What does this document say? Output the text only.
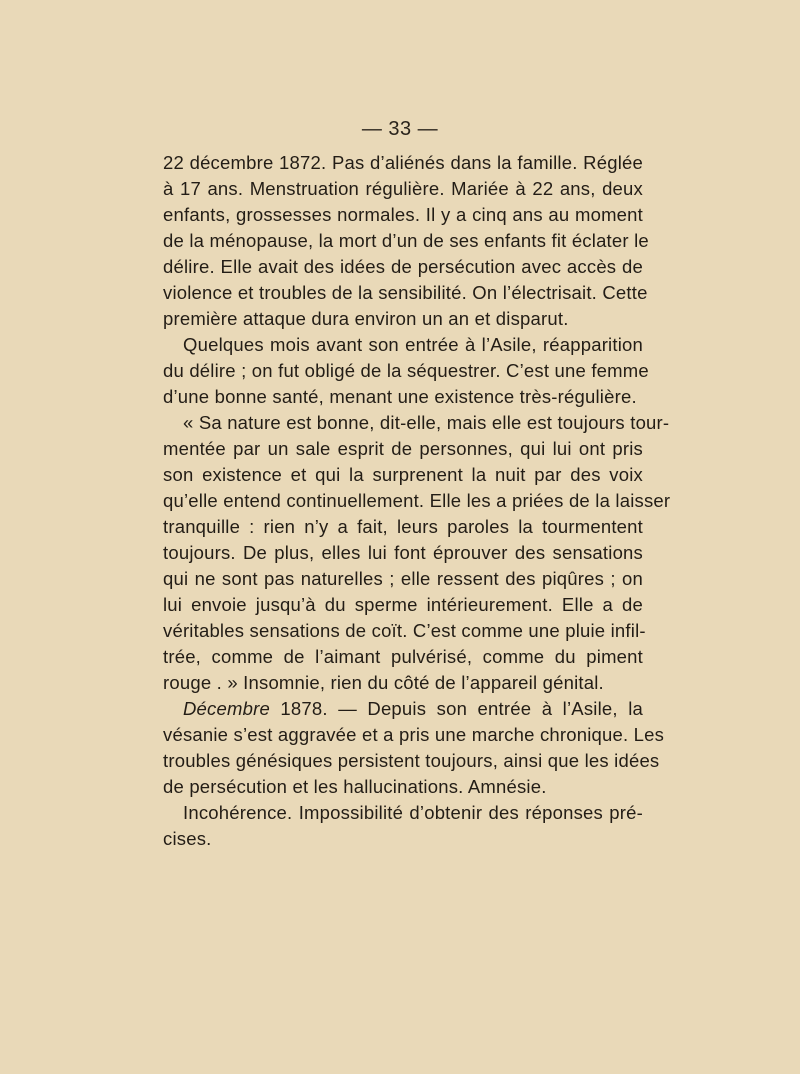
— 33 —
22 décembre 1872. Pas d’aliénés dans la famille. Réglée
à 17 ans. Menstruation régulière. Mariée à 22 ans, deux
enfants, grossesses normales. Il y a cinq ans au moment
de la ménopause, la mort d’un de ses enfants fit éclater le
délire. Elle avait des idées de persécution avec accès de
violence et troubles de la sensibilité. On l’électrisait. Cette
première attaque dura environ un an et disparut.
Quelques mois avant son entrée à l’Asile, réapparition
du délire ; on fut obligé de la séquestrer. C’est une femme
d’une bonne santé, menant une existence très-régulière.
« Sa nature est bonne, dit-elle, mais elle est toujours tour-
mentée par un sale esprit de personnes, qui lui ont pris
son existence et qui la surprenent la nuit par des voix
qu’elle entend continuellement. Elle les a priées de la laisser
tranquille : rien n’y a fait, leurs paroles la tourmentent
toujours. De plus, elles lui font éprouver des sensations
qui ne sont pas naturelles ; elle ressent des piqûres ; on
lui envoie jusqu’à du sperme intérieurement. Elle a de
véritables sensations de coït. C’est comme une pluie infil-
trée, comme de l’aimant pulvérisé, comme du piment
rouge . » Insomnie, rien du côté de l’appareil génital.
Décembre 1878. — Depuis son entrée à l’Asile, la
vésanie s’est aggravée et a pris une marche chronique. Les
troubles génésiques persistent toujours, ainsi que les idées
de persécution et les hallucinations. Amnésie.
Incohérence. Impossibilité d’obtenir des réponses pré-
cises.
